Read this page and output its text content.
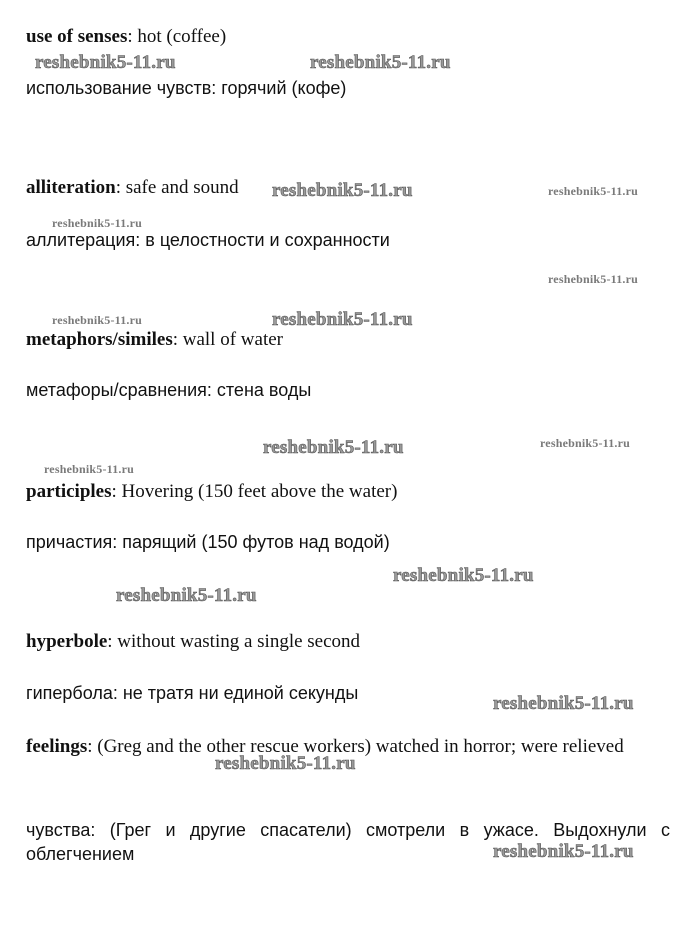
use of senses: hot (coffee)
использование чувств: горячий (кофе)
alliteration: safe and sound
аллитерация: в целостности и сохранности
metaphors/similes: wall of water
метафоры/сравнения: стена воды
participles: Hovering (150 feet above the water)
причастия: парящий (150 футов над водой)
hyperbole: without wasting a single second
гипербола: не тратя ни единой секунды
feelings: (Greg and the other rescue workers) watched in horror; were relieved
чувства: (Грег и другие спасатели) смотрели в ужасе. Выдохнули с облегчением
reshebnik5-11.ru	reshebnik5-11.ru
reshebnik5-11.ru	reshebnik5-11.ru
reshebnik5-11.ru
reshebnik5-11.ru
reshebnik5-11.ru	reshebnik5-11.ru
reshebnik5-11.ru	reshebnik5-11.ru
reshebnik5-11.ru
reshebnik5-11.ru
reshebnik5-11.ru
reshebnik5-11.ru
reshebnik5-11.ru
reshebnik5-11.ru
